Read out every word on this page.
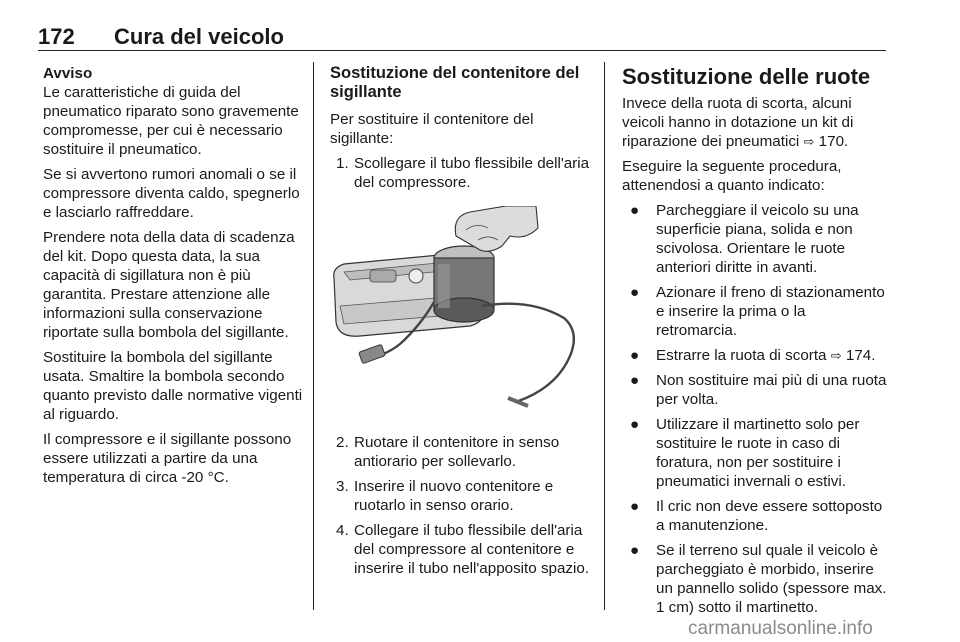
172 Cura del veicolo

Avviso

Le caratteristiche di guida del pneumatico riparato sono gravemente compromesse, per cui è necessario sostituire il pneumatico.

Se si avvertono rumori anomali o se il compressore diventa caldo, spegnerlo e lasciarlo raffreddare.

Prendere nota della data di scadenza del kit. Dopo questa data, la sua capacità di sigillatura non è più garantita. Prestare attenzione alle informazioni sulla conservazione riportate sulla bombola del sigillante.

Sostituire la bombola del sigillante usata. Smaltire la bombola secondo quanto previsto dalle normative vigenti al riguardo.

Il compressore e il sigillante possono essere utilizzati a partire da una temperatura di circa -20 °C.

Sostituzione del contenitore del sigillante

Per sostituire il contenitore del sigillante:

1. Scollegare il tubo flessibile dell'aria del compressore.
2. Ruotare il contenitore in senso antiorario per sollevarlo.
3. Inserire il nuovo contenitore e ruotarlo in senso orario.
4. Collegare il tubo flessibile dell'aria del compressore al contenitore e inserire il tubo nell'apposito spazio.
Sostituzione delle ruote

Invece della ruota di scorta, alcuni veicoli hanno in dotazione un kit di riparazione dei pneumatici ⇨ 170.

Eseguire la seguente procedura, attenendosi a quanto indicato:

● Parcheggiare il veicolo su una superficie piana, solida e non scivolosa. Orientare le ruote anteriori diritte in avanti.
● Azionare il freno di stazionamento e inserire la prima o la retromarcia.
● Estrarre la ruota di scorta ⇨ 174.
● Non sostituire mai più di una ruota per volta.
● Utilizzare il martinetto solo per sostituire le ruote in caso di foratura, non per sostituire i pneumatici invernali o estivi.
● Il cric non deve essere sottoposto a manutenzione.
● Se il terreno sul quale il veicolo è parcheggiato è morbido, inserire un pannello solido (spessore max. 1 cm) sotto il martinetto.
carmanualsonline.info
